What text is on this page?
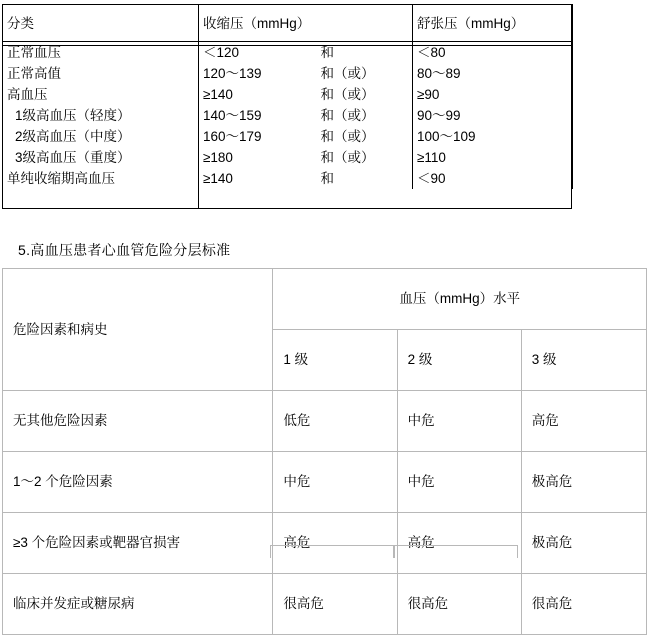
分类	收缩压（mmHg）		舒张压（mmHg）
正常血压	＜120	和	＜80
正常高值	120～139	和（或）	80～89
高血压	≥140	和（或）	≥90
1级高血压（轻度）	140～159	和（或）	90～99
2级高血压（中度）	160～179	和（或）	100～109
3级高血压（重度）	≥180	和（或）	≥110
单纯收缩期高血压	≥140	和	＜90
5.高血压患者心血管危险分层标准
危险因素和病史	血压（mmHg）水平		
	1 级	2 级	3 级
无其他危险因素	低危	中危	高危
1～2 个危险因素	中危	中危	极高危
≥3 个危险因素或靶器官损害	高危	高危	极高危
临床并发症或糖尿病	很高危	很高危	很高危
